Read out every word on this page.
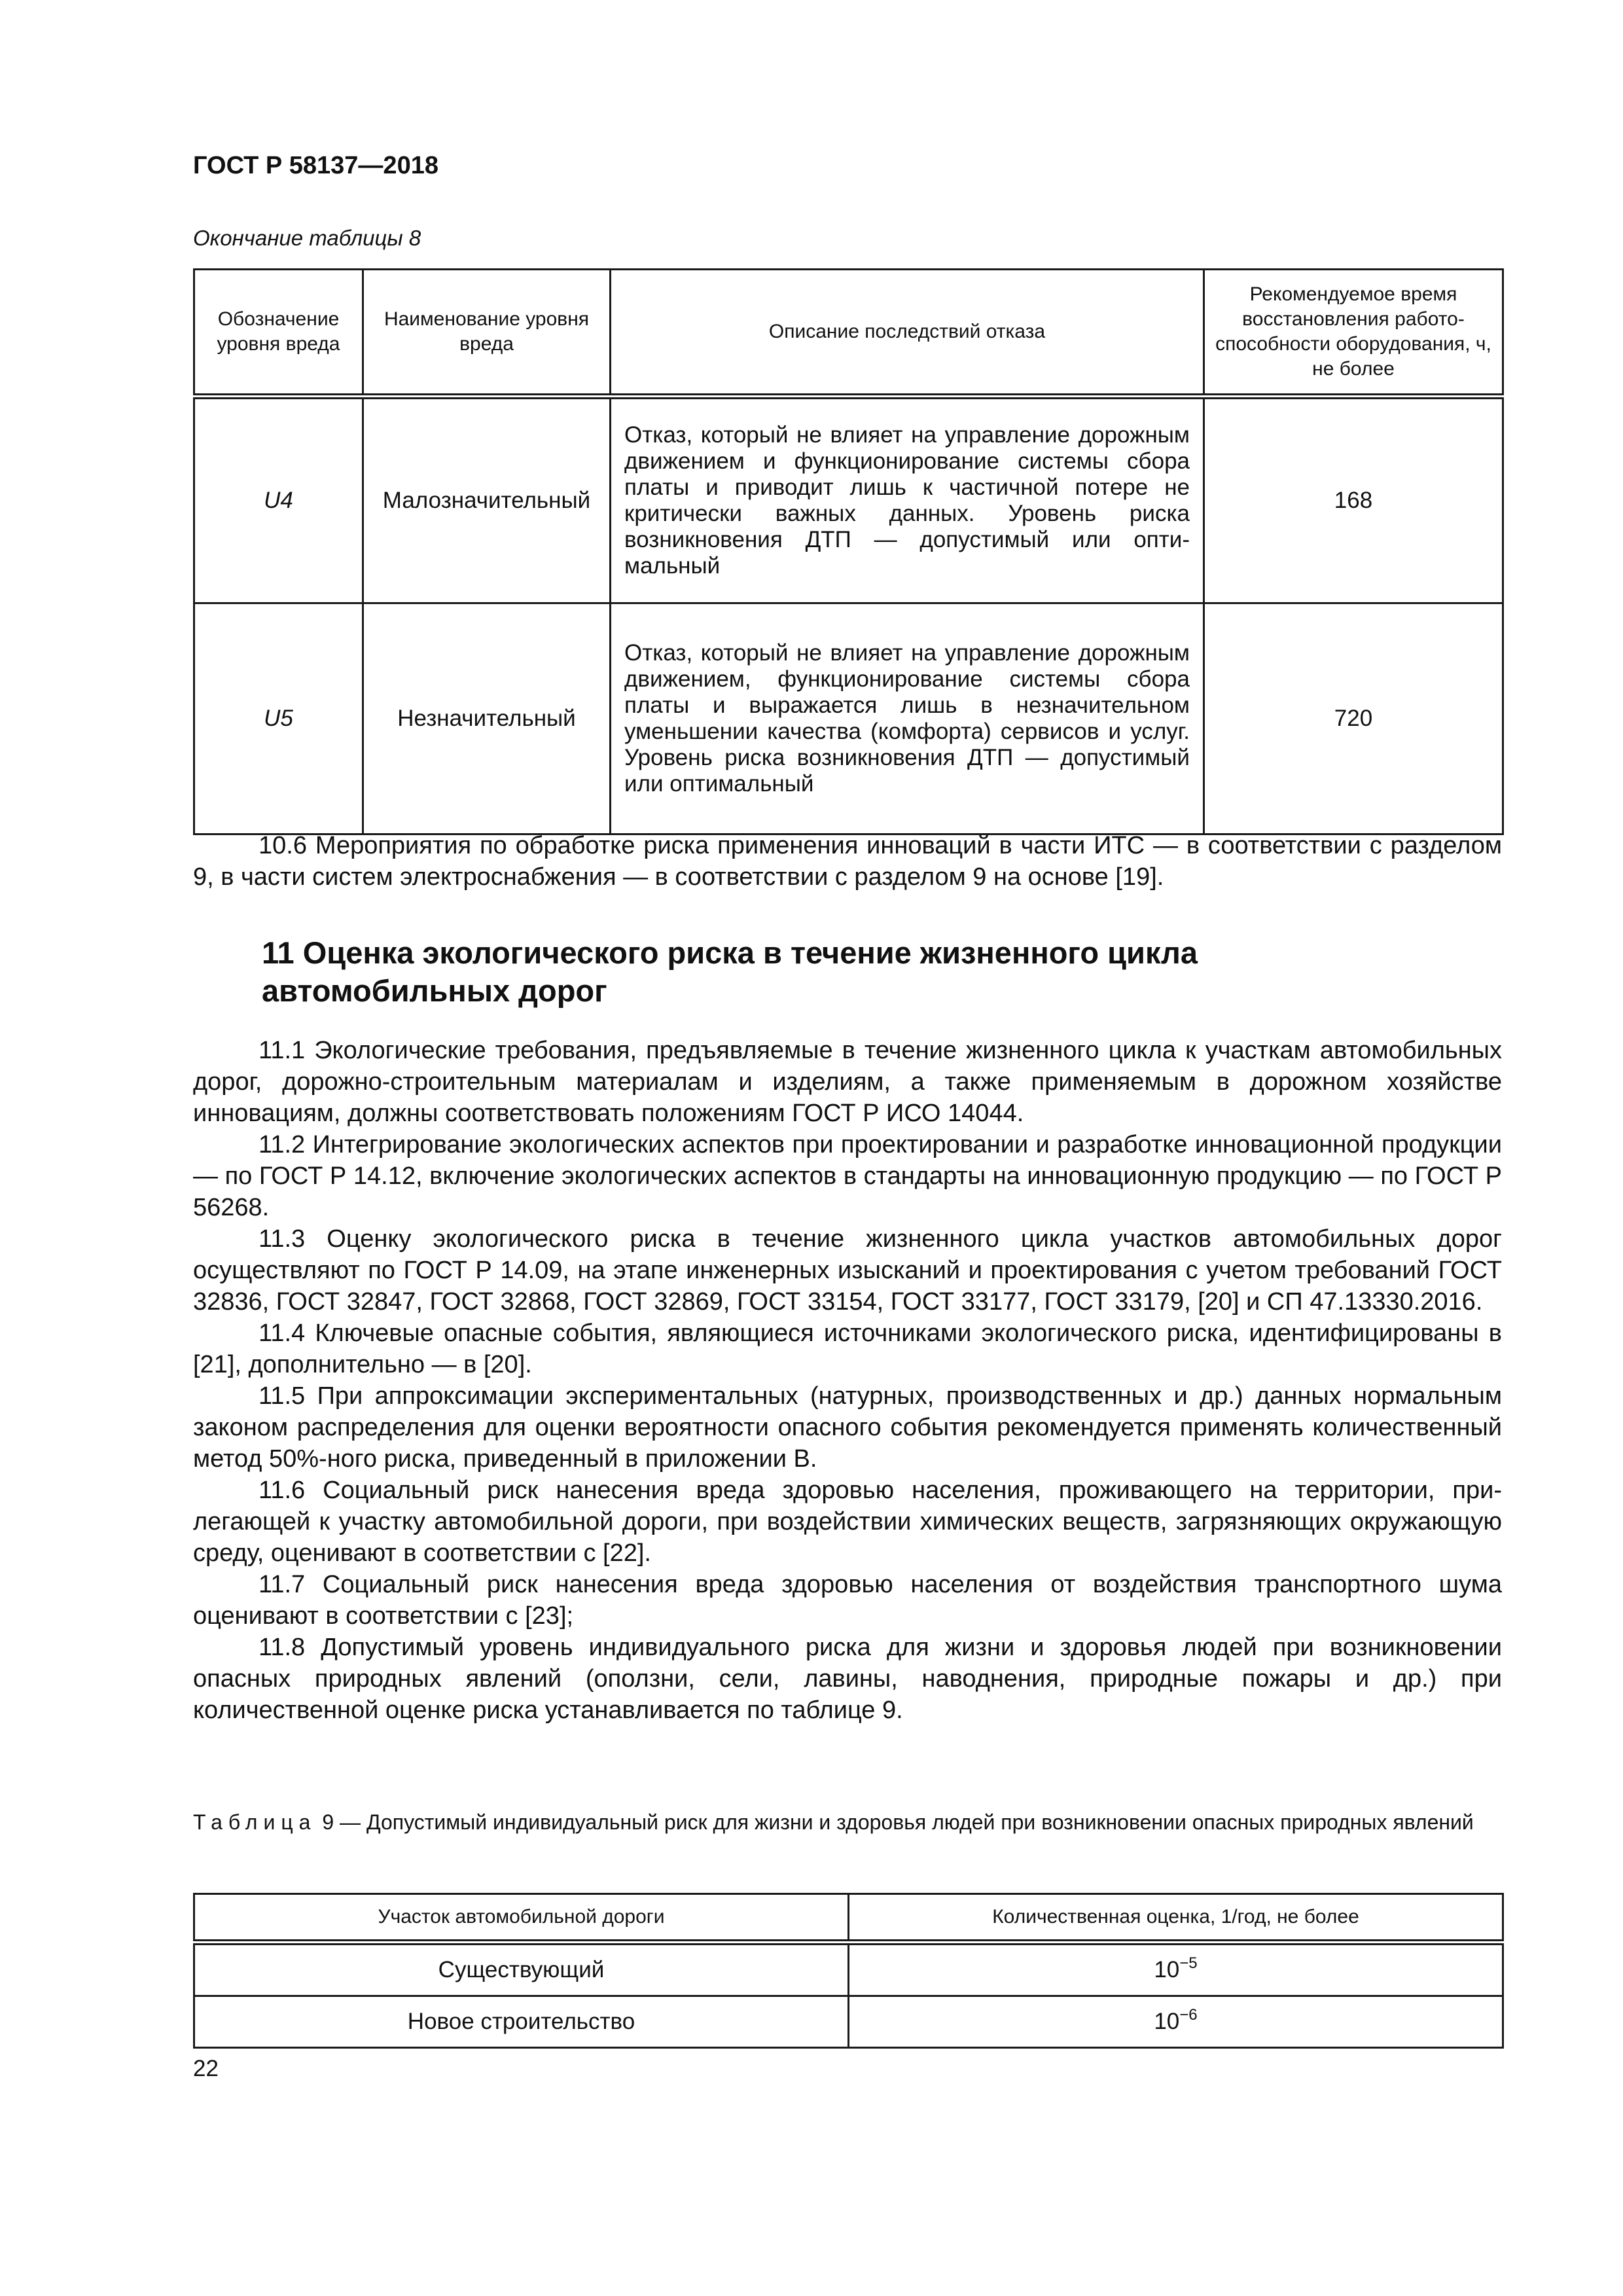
ГОСТ Р 58137—2018
Окончание таблицы 8
Обозначение уровня вреда	Наименование уровня вреда	Описание последствий отказа	Рекомендуемое время восстановления работоспособности оборудования, ч, не более
U4	Малозначительный	Отказ, который не влияет на управление дорожным движением и функционирование системы сбора платы и приводит лишь к частичной потере не критически важных данных. Уровень риска возникновения ДТП — допустимый или оптимальный	168
U5	Незначительный	Отказ, который не влияет на управление дорожным движением, функционирование системы сбора платы и выражается лишь в незначительном уменьшении качества (комфорта) сервисов и услуг. Уровень риска возникновения ДТП — допустимый или оптимальный	720

10.6 Мероприятия по обработке риска применения инноваций в части ИТС — в соответствии с разделом 9, в части систем электроснабжения — в соответствии с разделом 9 на основе [19].

11 Оценка экологического риска в течение жизненного цикла автомобильных дорог

11.1 Экологические требования, предъявляемые в течение жизненного цикла к участкам автомобильных дорог, дорожно-строительным материалам и изделиям, а также применяемым в дорожном хозяйстве инновациям, должны соответствовать положениям ГОСТ Р ИСО 14044.

11.2 Интегрирование экологических аспектов при проектировании и разработке инновационной продукции — по ГОСТ Р 14.12, включение экологических аспектов в стандарты на инновационную продукцию — по ГОСТ Р 56268.

11.3 Оценку экологического риска в течение жизненного цикла участков автомобильных дорог осуществляют по ГОСТ Р 14.09, на этапе инженерных изысканий и проектирования с учетом требований ГОСТ 32836, ГОСТ 32847, ГОСТ 32868, ГОСТ 32869, ГОСТ 33154, ГОСТ 33177, ГОСТ 33179, [20] и СП 47.13330.2016.

11.4 Ключевые опасные события, являющиеся источниками экологического риска, идентифицированы в [21], дополнительно — в [20].

11.5 При аппроксимации экспериментальных (натурных, производственных и др.) данных нормальным законом распределения для оценки вероятности опасного события рекомендуется применять количественный метод 50%-ного риска, приведенный в приложении В.

11.6 Социальный риск нанесения вреда здоровью населения, проживающего на территории, прилегающей к участку автомобильной дороги, при воздействии химических веществ, загрязняющих окружающую среду, оценивают в соответствии с [22].

11.7 Социальный риск нанесения вреда здоровью населения от воздействия транспортного шума оценивают в соответствии с [23];

11.8 Допустимый уровень индивидуального риска для жизни и здоровья людей при возникновении опасных природных явлений (оползни, сели, лавины, наводнения, природные пожары и др.) при количественной оценке риска устанавливается по таблице 9.

Таблица 9 — Допустимый индивидуальный риск для жизни и здоровья людей при возникновении опасных природных явлений
Участок автомобильной дороги	Количественная оценка, 1/год, не более
Существующий	$10^{-5}$
Новое строительство	$10^{-6}$
22
